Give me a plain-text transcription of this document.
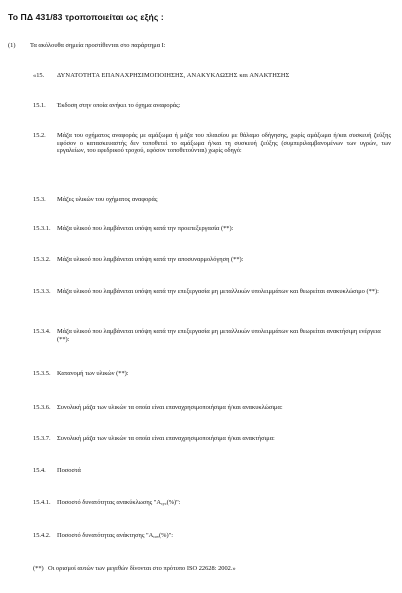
Το ΠΔ 431/83 τροποποιείται ως εξής :
(1) Τα ακόλουθα σημεία προστίθενται στο παράρτημα I:
«15. ΔΥΝΑΤΟΤΗΤΑ ΕΠΑΝΑΧΡΗΣΙΜΟΠΟΙΗΣΗΣ, ΑΝΑΚΥΚΛΩΣΗΣ και ΑΝΑΚΤΗΣΗΣ
15.1. Έκδοση στην οποία ανήκει το όχημα αναφοράς:
15.2. Μάζα του οχήματος αναφοράς με αμάξωμα ή μάζα του πλαισίου με θάλαμο οδήγησης, χωρίς αμάξωμα ή/και συσκευή ζεύξης εφόσον ο κατασκευαστής δεν τοποθετεί το αμάξωμα ή/και τη συσκευή ζεύξης (συμπεριλαμβανομένων των υγρών, των εργαλείων, του εφεδρικού τροχού, εφόσον τοποθετούνται) χωρίς οδηγό:
15.3. Μάζες υλικών του οχήματος αναφοράς
15.3.1. Μάζα υλικού που λαμβάνεται υπόψη κατά την προεπεξεργασία (**):
15.3.2. Μάζα υλικού που λαμβάνεται υπόψη κατά την αποσυναρμολόγηση (**):
15.3.3. Μάζα υλικού που λαμβάνεται υπόψη κατά την επεξεργασία μη μεταλλικών υπολειμμάτων και θεωρείται ανακυκλώσιμο (**):
15.3.4. Μάζα υλικού που λαμβάνεται υπόψη κατά την επεξεργασία μη μεταλλικών υπολειμμάτων και θεωρείται ανακτήσιμη ενέργεια (**):
15.3.5. Κατανομή των υλικών (**):
15.3.6. Συνολική μάζα των υλικών τα οποία είναι επαναχρησιμοποιήσιμα ή/και ανακυκλώσιμα:
15.3.7. Συνολική μάζα των υλικών τα οποία είναι επαναχρησιμοποιήσιμα ή/και ανακτήσιμα:
15.4. Ποσοστά
15.4.1. Ποσοστό δυνατότητας ανακύκλωσης "$A_{cyc}(\%)$":
15.4.2. Ποσοστό δυνατότητας ανάκτησης "$A_{cov}(\%)$":
(**) Οι ορισμοί αυτών των μεγεθών δίνονται στο πρότυπο ISO 22628: 2002.»
